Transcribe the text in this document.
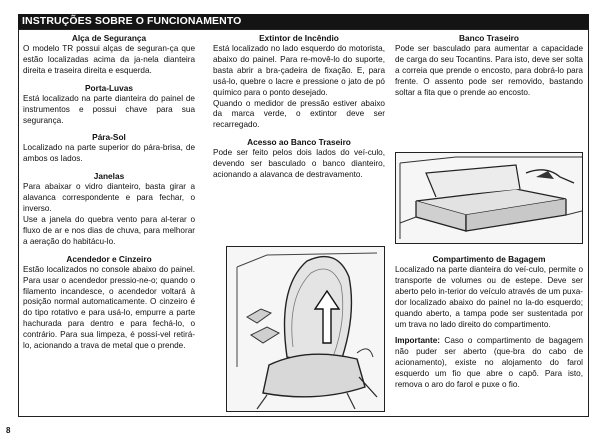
INSTRUÇÕES SOBRE O FUNCIONAMENTO
Alça de Segurança

O modelo TR possui alças de seguran-ça que estão localizadas acima da ja-nela dianteira direita e traseira direita e esquerda.

Porta-Luvas

Está localizado na parte dianteira do painel de instrumentos e possui chave para sua segurança.

Pára-Sol

Localizado na parte superior do pára-brisa, de ambos os lados.

Janelas

Para abaixar o vidro dianteiro, basta girar a alavanca correspondente e para fechar, o inverso.

Use a janela do quebra vento para al-terar o fluxo de ar e nos dias de chuva, para melhorar a aeração do habitácu-lo.

Acendedor e Cinzeiro

Estão localizados no console abaixo do painel. Para usar o acendedor pressio-ne-o; quando o filamento incandesce, o acendedor voltará à posição normal automaticamente. O cinzeiro é do tipo rotativo e para usá-lo, empurre a parte hachurada para dentro e para fechá-lo, o contrário. Para sua limpeza, é possí-vel retirá-lo, acionando a trava de metal que o prende.

Extintor de Incêndio

Está localizado no lado esquerdo do motorista, abaixo do painel. Para re-movê-lo do suporte, basta abrir a bra-çadeira de fixação. E, para usá-lo, quebre o lacre e pressione o jato de pó químico para o ponto desejado.

Quando o medidor de pressão estiver abaixo da marca verde, o extintor deve ser recarregado.

Acesso ao Banco Traseiro

Pode ser feito pelos dois lados do veí-culo, devendo ser basculado o banco dianteiro, acionando a alavanca de destravamento.

Banco Traseiro

Pode ser basculado para aumentar a capacidade de carga do seu Tocantins. Para isto, deve ser solta a correia que prende o encosto, para dobrá-lo para frente. O assento pode ser removido, bastando soltar a fita que o prende ao encosto.

Compartimento de Bagagem

Localizado na parte dianteira do veí-culo, permite o transporte de volumes ou de estepe. Deve ser aberto pelo in-terior do veículo através de um puxa-dor localizado abaixo do painel no la-do esquerdo; quando aberto, a tampa pode ser sustentada por um trava no lado direito do compartimento.

Importante: Caso o compartimento de bagagem não puder ser aberto (que-bra do cabo de acionamento), existe no alojamento do farol esquerdo um fio que abre o capô. Para isto, remova o aro do farol e puxe o fio.
8
